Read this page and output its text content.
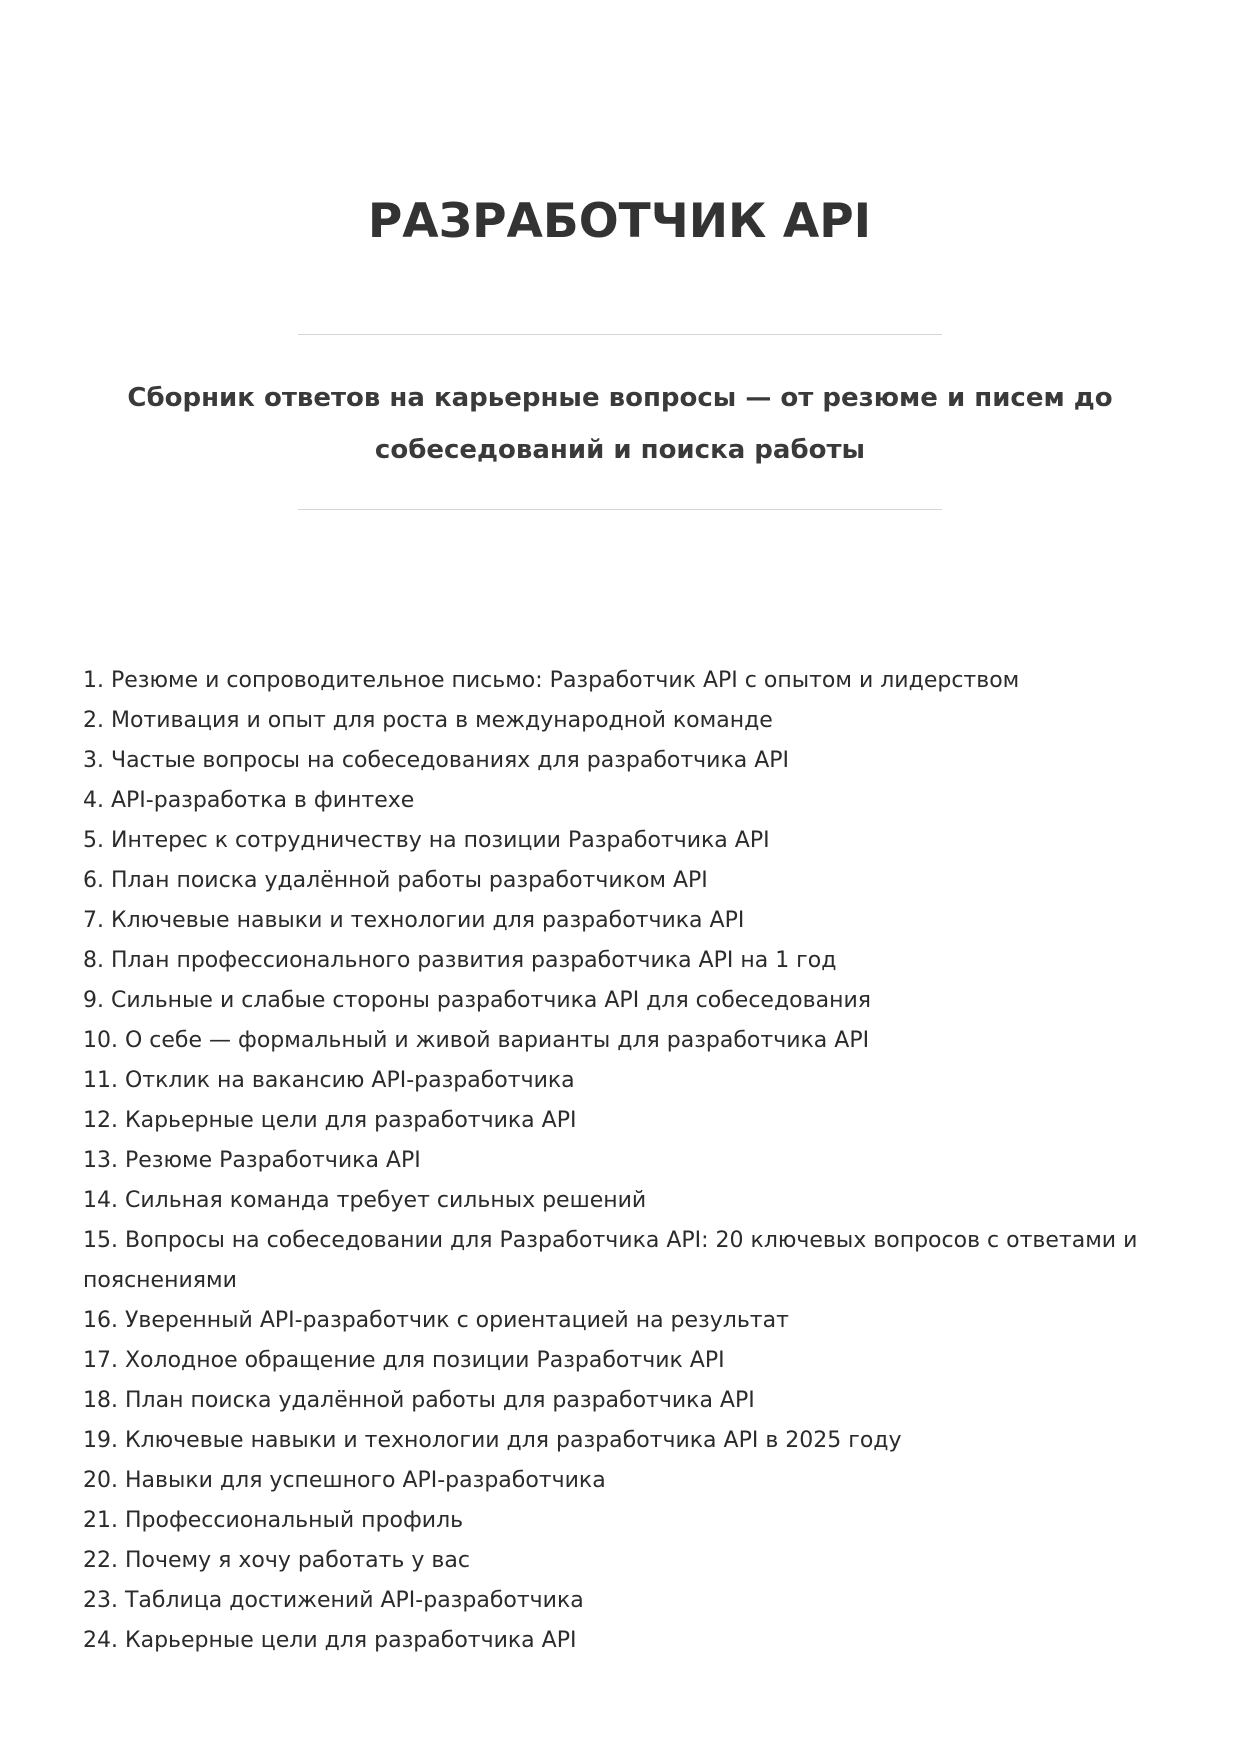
РАЗРАБОТЧИК API

Сборник ответов на карьерные вопросы — от резюме и писем до собеседований и поиска работы

1. Резюме и сопроводительное письмо: Разработчик API с опытом и лидерством
2. Мотивация и опыт для роста в международной команде
3. Частые вопросы на собеседованиях для разработчика API
4. API-разработка в финтехе
5. Интерес к сотрудничеству на позиции Разработчика API
6. План поиска удалённой работы разработчиком API
7. Ключевые навыки и технологии для разработчика API
8. План профессионального развития разработчика API на 1 год
9. Сильные и слабые стороны разработчика API для собеседования
10. О себе — формальный и живой варианты для разработчика API
11. Отклик на вакансию API-разработчика
12. Карьерные цели для разработчика API
13. Резюме Разработчика API
14. Сильная команда требует сильных решений
15. Вопросы на собеседовании для Разработчика API: 20 ключевых вопросов с ответами и пояснениями
16. Уверенный API-разработчик с ориентацией на результат
17. Холодное обращение для позиции Разработчик API
18. План поиска удалённой работы для разработчика API
19. Ключевые навыки и технологии для разработчика API в 2025 году
20. Навыки для успешного API-разработчика
21. Профессиональный профиль
22. Почему я хочу работать у вас
23. Таблица достижений API-разработчика
24. Карьерные цели для разработчика API
